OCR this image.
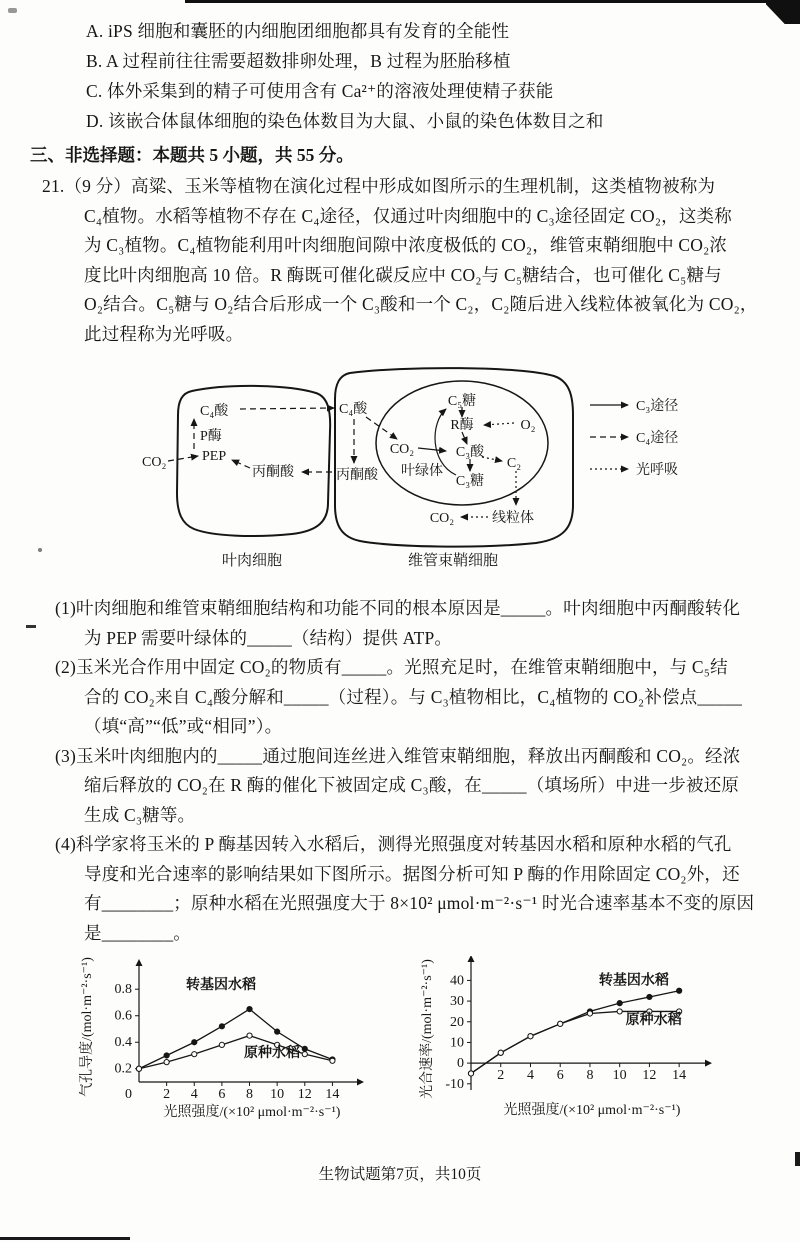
A. iPS 细胞和囊胚的内细胞团细胞都具有发育的全能性
B. A 过程前往往需要超数排卵处理，B 过程为胚胎移植
C. 体外采集到的精子可使用含有 Ca²⁺的溶液处理使精子获能
D. 该嵌合体鼠体细胞的染色体数目为大鼠、小鼠的染色体数目之和
三、非选择题：本题共 5 小题，共 55 分。
21.（9 分）高粱、玉米等植物在演化过程中形成如图所示的生理机制，这类植物被称为
C₄植物。水稻等植物不存在 C₄途径，仅通过叶肉细胞中的 C₃途径固定 CO₂，这类称
为 C₃植物。C₄植物能利用叶肉细胞间隙中浓度极低的 CO₂，维管束鞘细胞中 CO₂浓
度比叶肉细胞高 10 倍。R 酶既可催化碳反应中 CO₂与 C₅糖结合，也可催化 C₅糖与
O₂结合。C₅糖与 O₂结合后形成一个 C₃酸和一个 C₂，C₂随后进入线粒体被氧化为 CO₂，
此过程称为光呼吸。
CO₂	PEP
P酶
C₄酸
丙酮酸
C₄酸
丙酮酸
C₅糖
R酶	O₂
CO₂	C₃酸
C₂
叶绿体
C₃糖
线粒体
CO₂
C₃途径
C₄途径
光呼吸
叶肉细胞	维管束鞘细胞
(1)叶肉细胞和维管束鞘细胞结构和功能不同的根本原因是_____。叶肉细胞中丙酮酸转化
为 PEP 需要叶绿体的_____（结构）提供 ATP。
(2)玉米光合作用中固定 CO₂的物质有_____。光照充足时，在维管束鞘细胞中，与 C₅结
合的 CO₂来自 C₄酸分解和_____（过程）。与 C₃植物相比，C₄植物的 CO₂补偿点_____
（填“高”“低”或“相同”）。
(3)玉米叶肉细胞内的_____通过胞间连丝进入维管束鞘细胞，释放出丙酮酸和 CO₂。经浓
缩后释放的 CO₂在 R 酶的催化下被固定成 C₃酸，在_____（填场所）中进一步被还原
生成 C₃糖等。
(4)科学家将玉米的 P 酶基因转入水稻后，测得光照强度对转基因水稻和原种水稻的气孔
导度和光合速率的影响结果如下图所示。据图分析可知 P 酶的作用除固定 CO₂外，还
有________；原种水稻在光照强度大于 8×10² μmol·m⁻²·s⁻¹ 时光合速率基本不变的原因
是________。
2 4 6 8 10 12 14
0.2
0.4
0.6
0.8
0
转基因水稻
原种水稻
光照强度/(×10² μmol·m⁻²·s⁻¹)
气孔导度/(mol·m⁻²·s⁻¹)	2 4 6 8 10 12 14
-10
0
10
20
30
40	转基因水稻
原种水稻
光照强度/(×10² μmol·m⁻²·s⁻¹)
光合速率/(mol·m⁻²·s⁻¹)
生物试题第7页，共10页
